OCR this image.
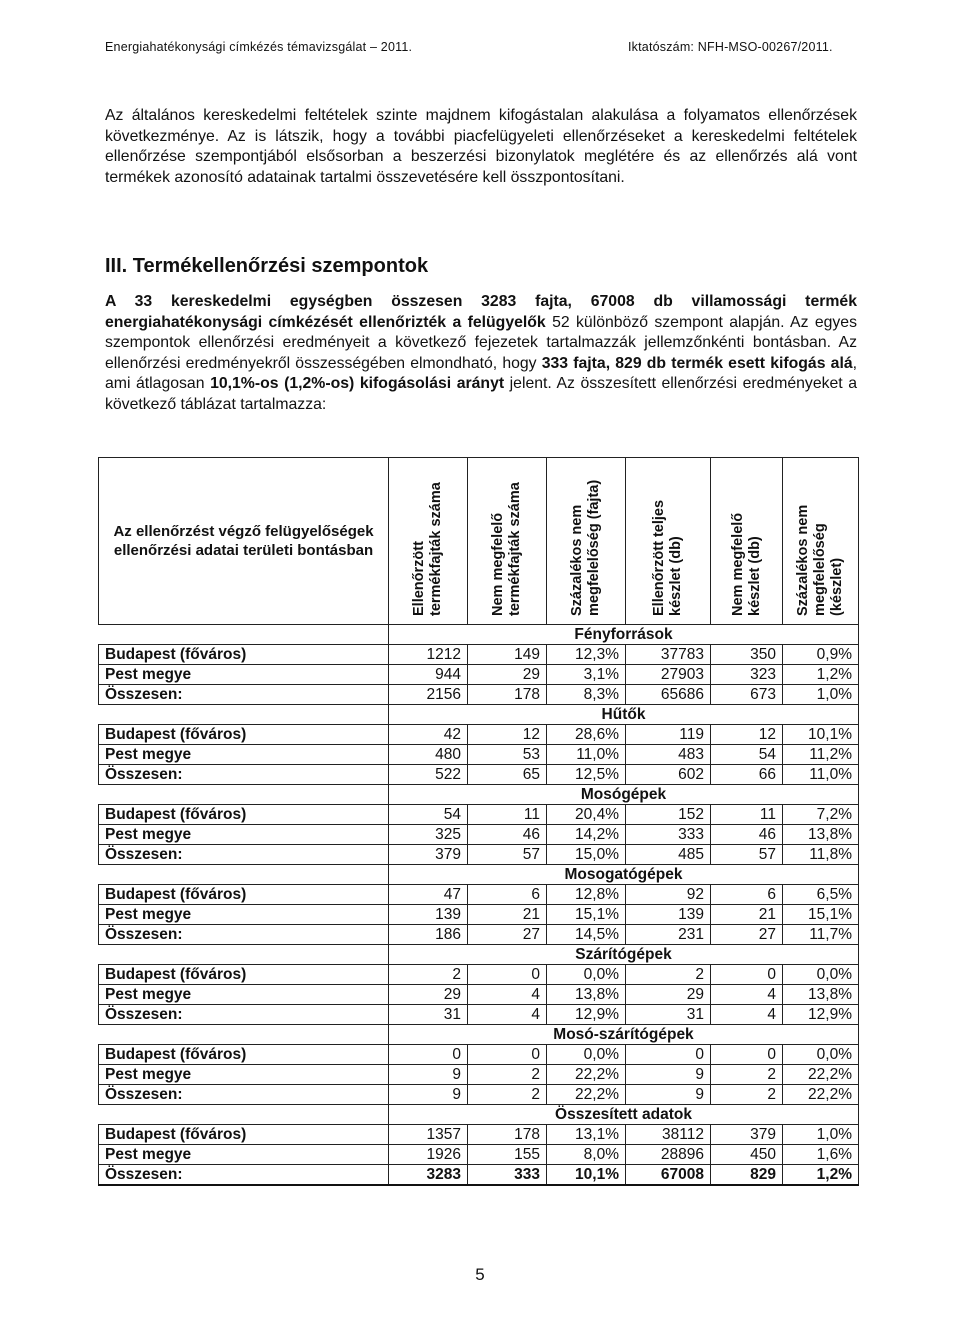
Energiahatékonysági címkézés témavizsgálat – 2011.	Iktatószám: NFH-MSO-00267/2011.

Az általános kereskedelmi feltételek szinte majdnem kifogástalan alakulása a folyamatos ellenőrzések következménye. Az is látszik, hogy a további piacfelügyeleti ellenőrzéseket a kereskedelmi feltételek ellenőrzése szempontjából elsősorban a beszerzési bizonylatok meglétére és az ellenőrzés alá vont termékek azonosító adatainak tartalmi összevetésére kell összpontosítani.

III. Termékellenőrzési szempontok

A 33 kereskedelmi egységben összesen 3283 fajta, 67008 db villamossági termék energiahatékonysági címkézését ellenőrizték a felügyelők 52 különböző szempont alapján. Az egyes szempontok ellenőrzési eredményeit a következő fejezetek tartalmazzák jellemzőnkénti bontásban. Az ellenőrzési eredményekről összességében elmondható, hogy 333 fajta, 829 db termék esett kifogás alá, ami átlagosan 10,1%-os (1,2%-os) kifogásolási arányt jelent. Az összesített ellenőrzési eredményeket a következő táblázat tartalmazza:

Az ellenőrzést végző felügyelőségek ellenőrzési adatai területi bontásban	Ellenőrzött termékfajták száma	Nem megfelelő termékfajták száma	Százalékos nem megfelelőség (fajta)	Ellenőrzött teljes készlet (db)	Nem megfelelő készlet (db)	Százalékos nem megfelelőség (készlet)

	Fényforrások					
Budapest (főváros)	1212	149	12,3%	37783	350	0,9%
Pest megye	944	29	3,1%	27903	323	1,2%
Összesen:	2156	178	8,3%	65686	673	1,0%
	Hűtők					
Budapest (főváros)	42	12	28,6%	119	12	10,1%
Pest megye	480	53	11,0%	483	54	11,2%
Összesen:	522	65	12,5%	602	66	11,0%
	Mosógépek					
Budapest (főváros)	54	11	20,4%	152	11	7,2%
Pest megye	325	46	14,2%	333	46	13,8%
Összesen:	379	57	15,0%	485	57	11,8%
	Mosogatógépek					
Budapest (főváros)	47	6	12,8%	92	6	6,5%
Pest megye	139	21	15,1%	139	21	15,1%
Összesen:	186	27	14,5%	231	27	11,7%
	Szárítógépek					
Budapest (főváros)	2	0	0,0%	2	0	0,0%
Pest megye	29	4	13,8%	29	4	13,8%
Összesen:	31	4	12,9%	31	4	12,9%
	Mosó-szárítógépek					
Budapest (főváros)	0	0	0,0%	0	0	0,0%
Pest megye	9	2	22,2%	9	2	22,2%
Összesen:	9	2	22,2%	9	2	22,2%
	Összesített adatok					
Budapest (főváros)	1357	178	13,1%	38112	379	1,0%
Pest megye	1926	155	8,0%	28896	450	1,6%
Összesen:	3283	333	10,1%	67008	829	1,2%
5
